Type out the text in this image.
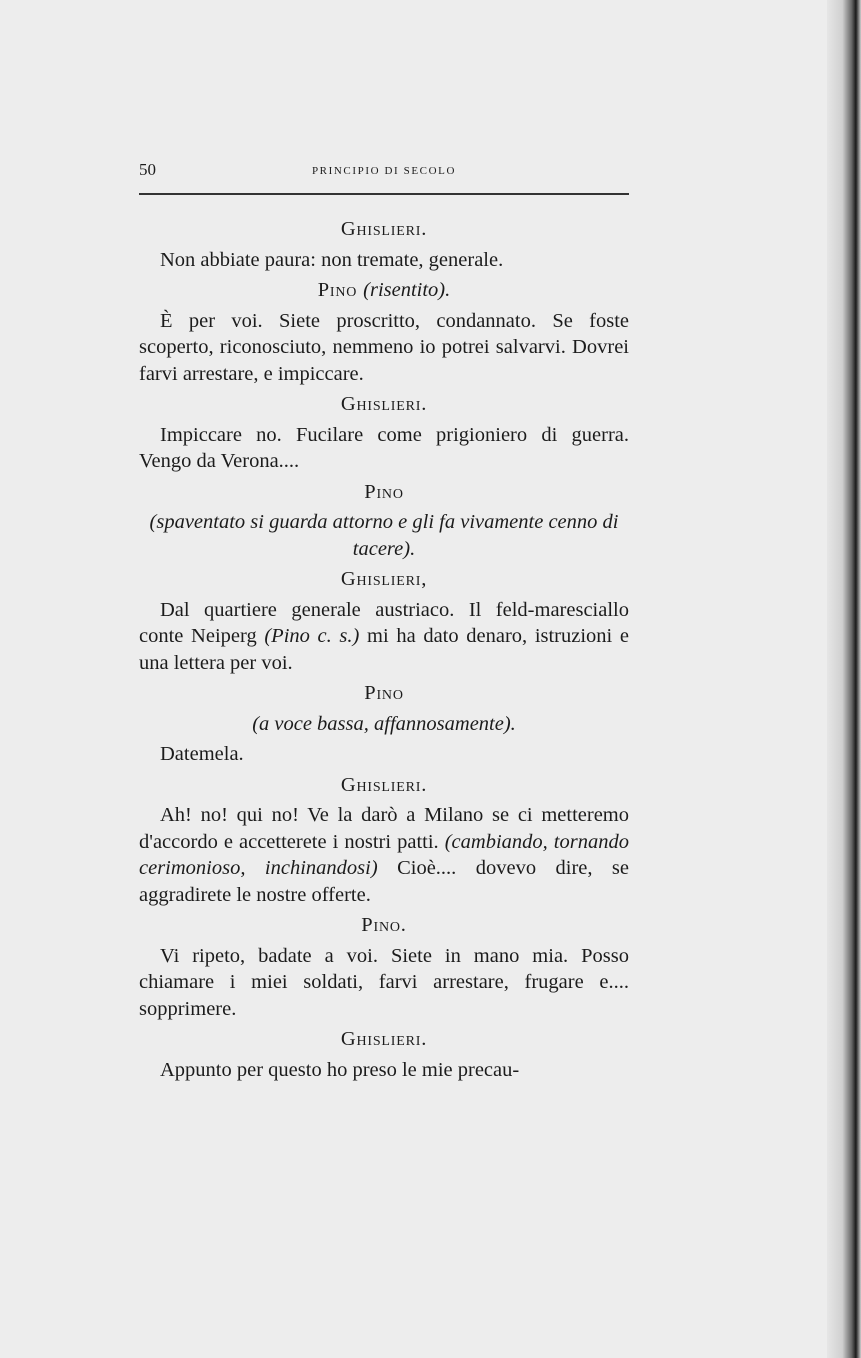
50	PRINCIPIO DI SECOLO
Ghislieri.

Non abbiate paura: non tremate, generale.

Pino (risentito).

È per voi. Siete proscritto, condannato. Se foste scoperto, riconosciuto, nemmeno io potrei salvarvi. Dovrei farvi arrestare, e impiccare.

Ghislieri.

Impiccare no. Fucilare come prigioniero di guerra. Vengo da Verona....

Pino
(spaventato si guarda attorno e gli fa vivamente cenno di tacere).
Ghislieri,

Dal quartiere generale austriaco. Il feld-maresciallo conte Neiperg (Pino c. s.) mi ha dato denaro, istruzioni e una lettera per voi.

Pino
(a voce bassa, affannosamente).

Datemela.

Ghislieri.

Ah! no! qui no! Ve la darò a Milano se ci metteremo d'accordo e accetterete i nostri patti. (cambiando, tornando cerimonioso, inchinandosi) Cioè.... dovevo dire, se aggradirete le nostre offerte.

Pino.

Vi ripeto, badate a voi. Siete in mano mia. Posso chiamare i miei soldati, farvi arrestare, frugare e.... sopprimere.

Ghislieri.

Appunto per questo ho preso le mie precau-
